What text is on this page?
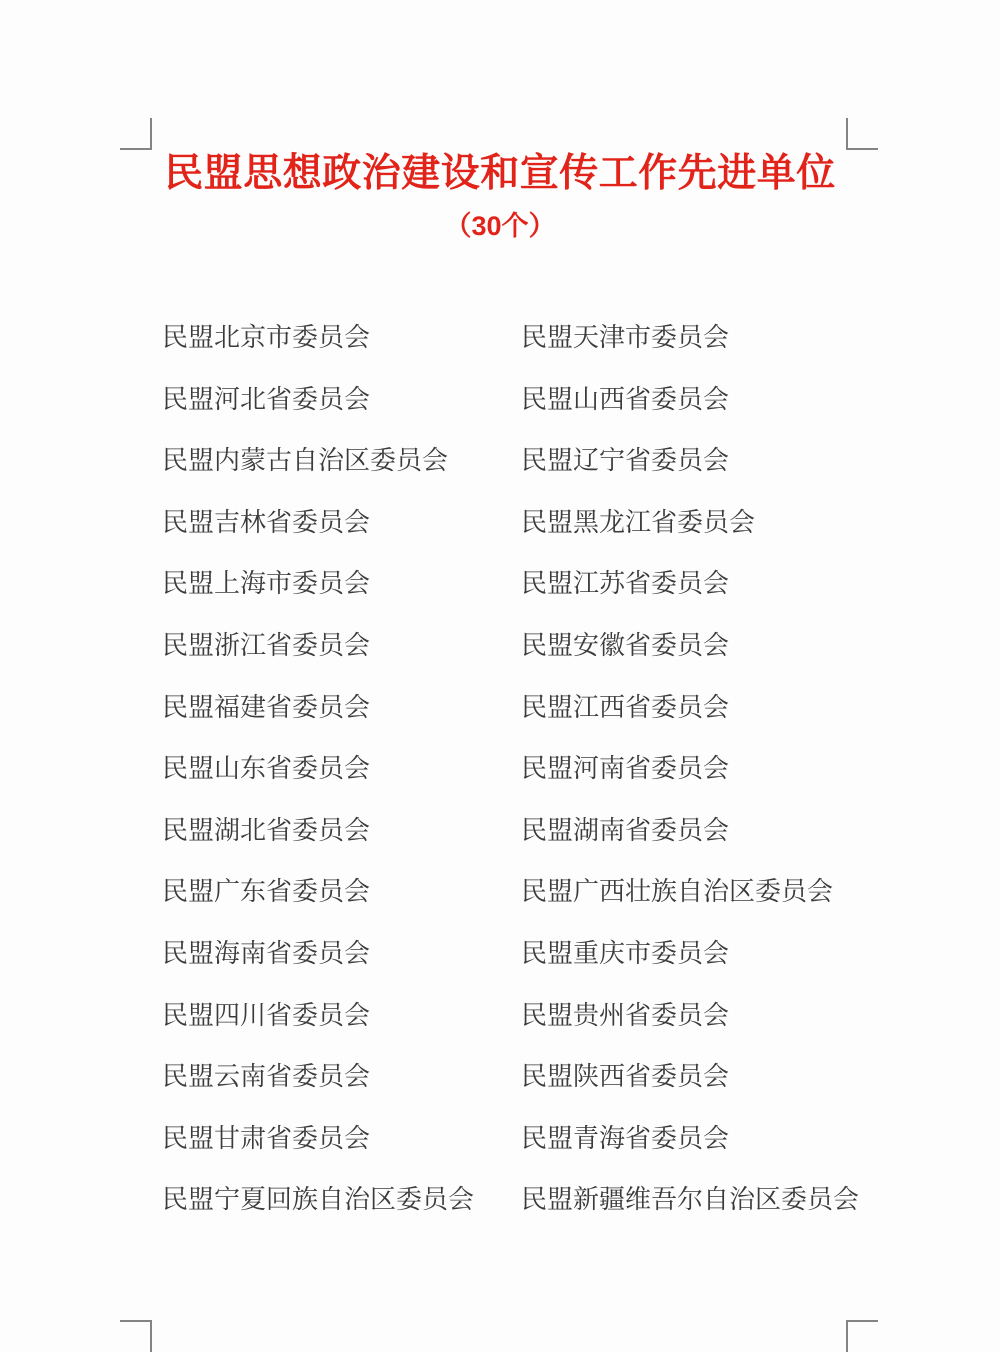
民盟思想政治建设和宣传工作先进单位
（30个）
民盟北京市委员会
民盟河北省委员会
民盟内蒙古自治区委员会
民盟吉林省委员会
民盟上海市委员会
民盟浙江省委员会
民盟福建省委员会
民盟山东省委员会
民盟湖北省委员会
民盟广东省委员会
民盟海南省委员会
民盟四川省委员会
民盟云南省委员会
民盟甘肃省委员会
民盟宁夏回族自治区委员会
民盟天津市委员会
民盟山西省委员会
民盟辽宁省委员会
民盟黑龙江省委员会
民盟江苏省委员会
民盟安徽省委员会
民盟江西省委员会
民盟河南省委员会
民盟湖南省委员会
民盟广西壮族自治区委员会
民盟重庆市委员会
民盟贵州省委员会
民盟陕西省委员会
民盟青海省委员会
民盟新疆维吾尔自治区委员会
